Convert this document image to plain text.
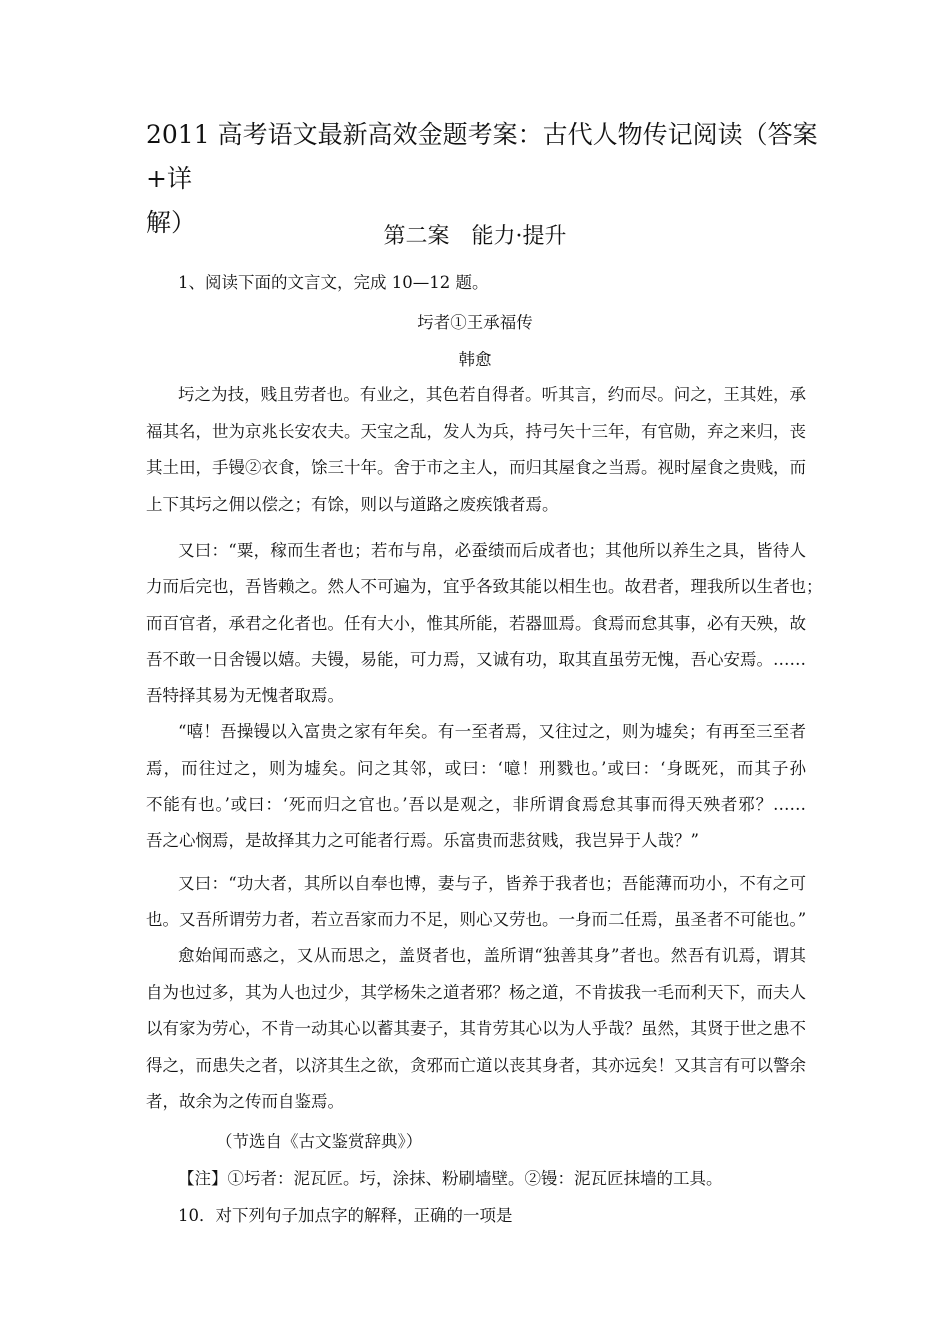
2011 高考语文最新高效金题考案：古代人物传记阅读（答案+详
解）	第二案　能力·提升
1、阅读下面的文言文，完成 10—12 题。
圬者①王承福传
韩愈
圬之为技，贱且劳者也。有业之，其色若自得者。听其言，约而尽。问之，王其姓，承
福其名，世为京兆长安农夫。天宝之乱，发人为兵，持弓矢十三年，有官勋，弃之来归，丧
其土田，手镘②衣食，馀三十年。舍于市之主人，而归其屋食之当焉。视时屋食之贵贱，而
上下其圬之佣以偿之；有馀，则以与道路之废疾饿者焉。
又曰：“粟，稼而生者也；若布与帛，必蚕绩而后成者也；其他所以养生之具，皆待人
力而后完也，吾皆赖之。然人不可遍为，宜乎各致其能以相生也。故君者，理我所以生者也；
而百官者，承君之化者也。任有大小，惟其所能，若器皿焉。食焉而怠其事，必有天殃，故
吾不敢一日舍镘以嬉。夫镘，易能，可力焉，又诚有功，取其直虽劳无愧，吾心安焉。……
吾特择其易为无愧者取焉。
“嘻！吾操镘以入富贵之家有年矣。有一至者焉，又往过之，则为墟矣；有再至三至者
焉，而往过之，则为墟矣。问之其邻，或曰：‘噫！刑戮也。’或曰：‘身既死，而其子孙
不能有也。’或曰：‘死而归之官也。’吾以是观之，非所谓食焉怠其事而得天殃者邪？……
吾之心悯焉，是故择其力之可能者行焉。乐富贵而悲贫贱，我岂异于人哉？”
又曰：“功大者，其所以自奉也博，妻与子，皆养于我者也；吾能薄而功小，不有之可
也。又吾所谓劳力者，若立吾家而力不足，则心又劳也。一身而二任焉，虽圣者不可能也。”
愈始闻而惑之，又从而思之，盖贤者也，盖所谓“独善其身”者也。然吾有讥焉，谓其
自为也过多，其为人也过少，其学杨朱之道者邪？杨之道，不肯拔我一毛而利天下，而夫人
以有家为劳心，不肯一动其心以蓄其妻子，其肯劳其心以为人乎哉？虽然，其贤于世之患不
得之，而患失之者，以济其生之欲，贪邪而亡道以丧其身者，其亦远矣！又其言有可以警余
者，故余为之传而自鉴焉。
（节选自《古文鉴赏辞典》）
【注】①圬者：泥瓦匠。圬，涂抹、粉刷墙壁。②镘：泥瓦匠抹墙的工具。
10．对下列句子加点字的解释，正确的一项是
